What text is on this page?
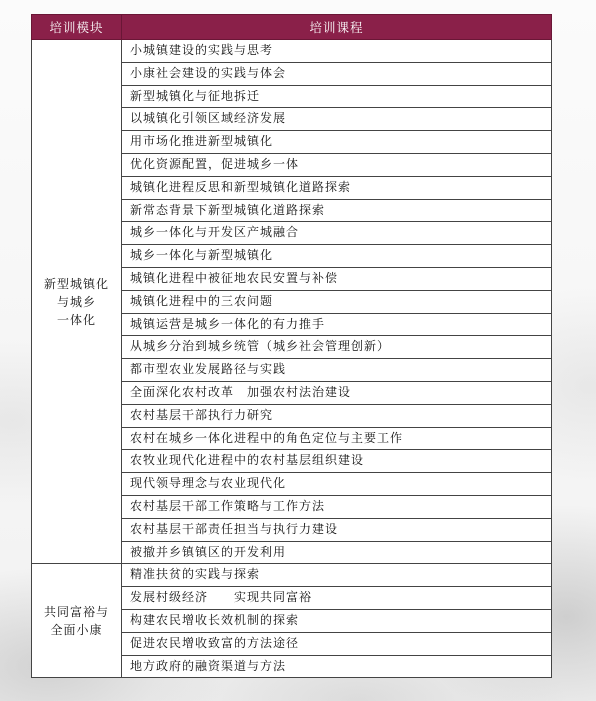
培训模块	培训课程

新型城镇化
与城乡
一体化	小城镇建设的实践与思考
	小康社会建设的实践与体会
	新型城镇化与征地拆迁
	以城镇化引领区域经济发展
	用市场化推进新型城镇化
	优化资源配置，促进城乡一体
	城镇化进程反思和新型城镇化道路探索
	新常态背景下新型城镇化道路探索
	城乡一体化与开发区产城融合
	城乡一体化与新型城镇化
	城镇化进程中被征地农民安置与补偿
	城镇化进程中的三农问题
	城镇运营是城乡一体化的有力推手
	从城乡分治到城乡统管（城乡社会管理创新）
	都市型农业发展路径与实践
	全面深化农村改革　加强农村法治建设
	农村基层干部执行力研究
	农村在城乡一体化进程中的角色定位与主要工作
	农牧业现代化进程中的农村基层组织建设
	现代领导理念与农业现代化
	农村基层干部工作策略与工作方法
	农村基层干部责任担当与执行力建设
	被撤并乡镇镇区的开发利用

共同富裕与
全面小康	精准扶贫的实践与探索
	发展村级经济　　实现共同富裕
	构建农民增收长效机制的探索
	促进农民增收致富的方法途径
	地方政府的融资渠道与方法
